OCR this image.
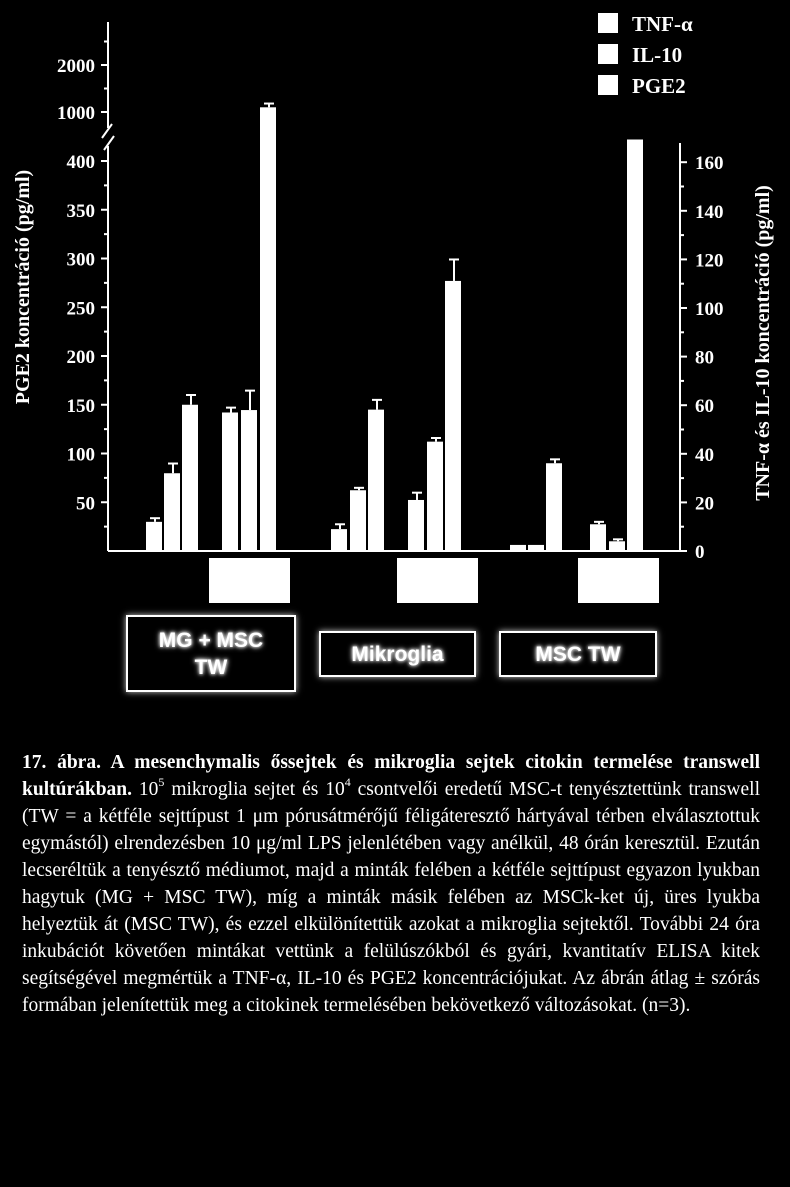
50
100
150
200
250
300
350
400
1000
2000
0
20
40
60
80
100
120
140
160
PGE2 koncentráció (pg/ml)	TNF-α és IL-10 koncentráció (pg/ml)
TNF-α
IL-10
PGE2
MG + MSC
TW
Mikroglia	MSC TW
17. ábra. A mesenchymalis őssejtek és mikroglia sejtek citokin termelése transwell kultúrákban. $10^5$ mikroglia sejtet és $10^4$ csontvelői eredetű MSC-t tenyésztettünk transwell (TW = a kétféle sejttípust 1 μm pórusátmérőjű féligáteresztő hártyával térben elválasztottuk egymástól) elrendezésben 10 μg/ml LPS jelenlétében vagy anélkül, 48 órán keresztül. Ezután lecseréltük a tenyésztő médiumot, majd a minták felében a kétféle sejttípust egyazon lyukban hagytuk (MG + MSC TW), míg a minták másik felében az MSCk-ket új, üres lyukba helyeztük át (MSC TW), és ezzel elkülönítettük azokat a mikroglia sejtektől. További 24 óra inkubációt követően mintákat vettünk a felülúszókból és gyári, kvantitatív ELISA kitek segítségével megmértük a TNF-α, IL-10 és PGE2 koncentrációjukat. Az ábrán átlag ± szórás formában jelenítettük meg a citokinek termelésében bekövetkező változásokat. (n=3).
